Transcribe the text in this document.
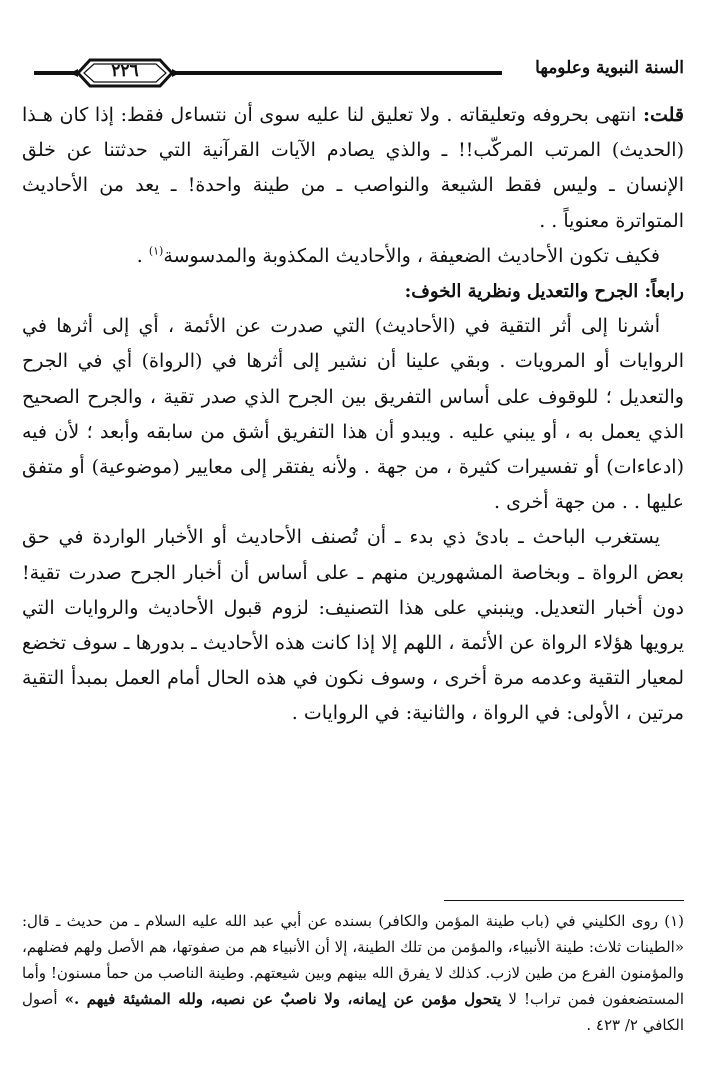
السنة النبوية وعلومها
٢٢٦

قلت: انتهى بحروفه وتعليقاته . ولا تعليق لنا عليه سوى أن نتساءل فقط: إذا كان هـذا (الحديث) المرتب المركّب!! ـ والذي يصادم الآيات القرآنية التي حدثتنا عن خلق الإنسان ـ وليس فقط الشيعة والنواصب ـ من طينة واحدة! ـ يعد من الأحاديث المتواترة معنوياً . .

فكيف تكون الأحاديث الضعيفة ، والأحاديث المكذوبة والمدسوسة$^{(١)}$ .

رابعاً: الجرح والتعديل ونظرية الخوف:

أشرنا إلى أثر التقية في (الأحاديث) التي صدرت عن الأئمة ، أي إلى أثرها في الروايات أو المرويات . وبقي علينا أن نشير إلى أثرها في (الرواة) أي في الجرح والتعديل ؛ للوقوف على أساس التفريق بين الجرح الذي صدر تقية ، والجرح الصحيح الذي يعمل به ، أو يبني عليه . ويبدو أن هذا التفريق أشق من سابقه وأبعد ؛ لأن فيه (ادعاءات) أو تفسيرات كثيرة ، من جهة . ولأنه يفتقر إلى معايير (موضوعية) أو متفق عليها . . من جهة أخرى .

يستغرب الباحث ـ بادئ ذي بدء ـ أن تُصنف الأحاديث أو الأخبار الواردة في حق بعض الرواة ـ وبخاصة المشهورين منهم ـ على أساس أن أخبار الجرح صدرت تقية! دون أخبار التعديل. وينبني على هذا التصنيف: لزوم قبول الأحاديث والروايات التي يرويها هؤلاء الرواة عن الأئمة ، اللهم إلا إذا كانت هذه الأحاديث ـ بدورها ـ سوف تخضع لمعيار التقية وعدمه مرة أخرى ، وسوف نكون في هذه الحال أمام العمل بمبدأ التقية مرتين ، الأولى: في الرواة ، والثانية: في الروايات .

(١) روى الكليني في (باب طينة المؤمن والكافر) بسنده عن أبي عبد الله عليه السلام ـ من حديث ـ قال: «الطينات ثلاث: طينة الأنبياء، والمؤمن من تلك الطينة، إلا أن الأنبياء هم من صفوتها، هم الأصل ولهم فضلهم، والمؤمنون الفرع من طين لازب. كذلك لا يفرق الله بينهم وبين شيعتهم. وطينة الناصب من حمأ مسنون! وأما المستضعفون فمن تراب! لا يتحول مؤمن عن إيمانه، ولا ناصبٌ عن نصبه، ولله المشيئة فيهم .» أصول الكافي ٢/ ٤٢٣ .
